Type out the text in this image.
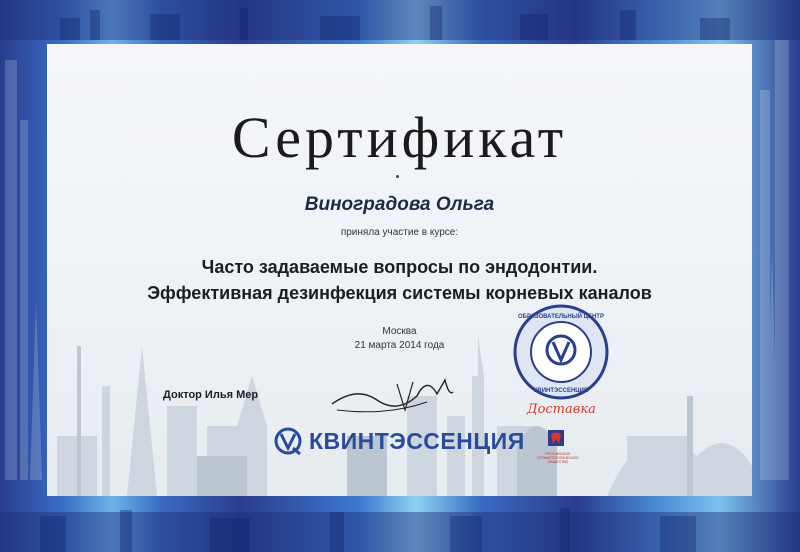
Сертификат
Виноградова Ольга
приняла участие в курсе:
Часто задаваемые вопросы по эндодонтии.
Эффективная дезинфекция системы корневых каналов
Москва
21 марта 2014 года
Доктор Илья Мер
ОБРАЗОВАТЕЛЬНЫЙ ЦЕНТР
КВИНТЭССЕНЦИЯ
КВИНТЭССЕНЦИЯ
Доставка
РОССИЙСКОЕ СТОМАТОЛОГИЧЕСКОЕ ОБЩЕСТВО
